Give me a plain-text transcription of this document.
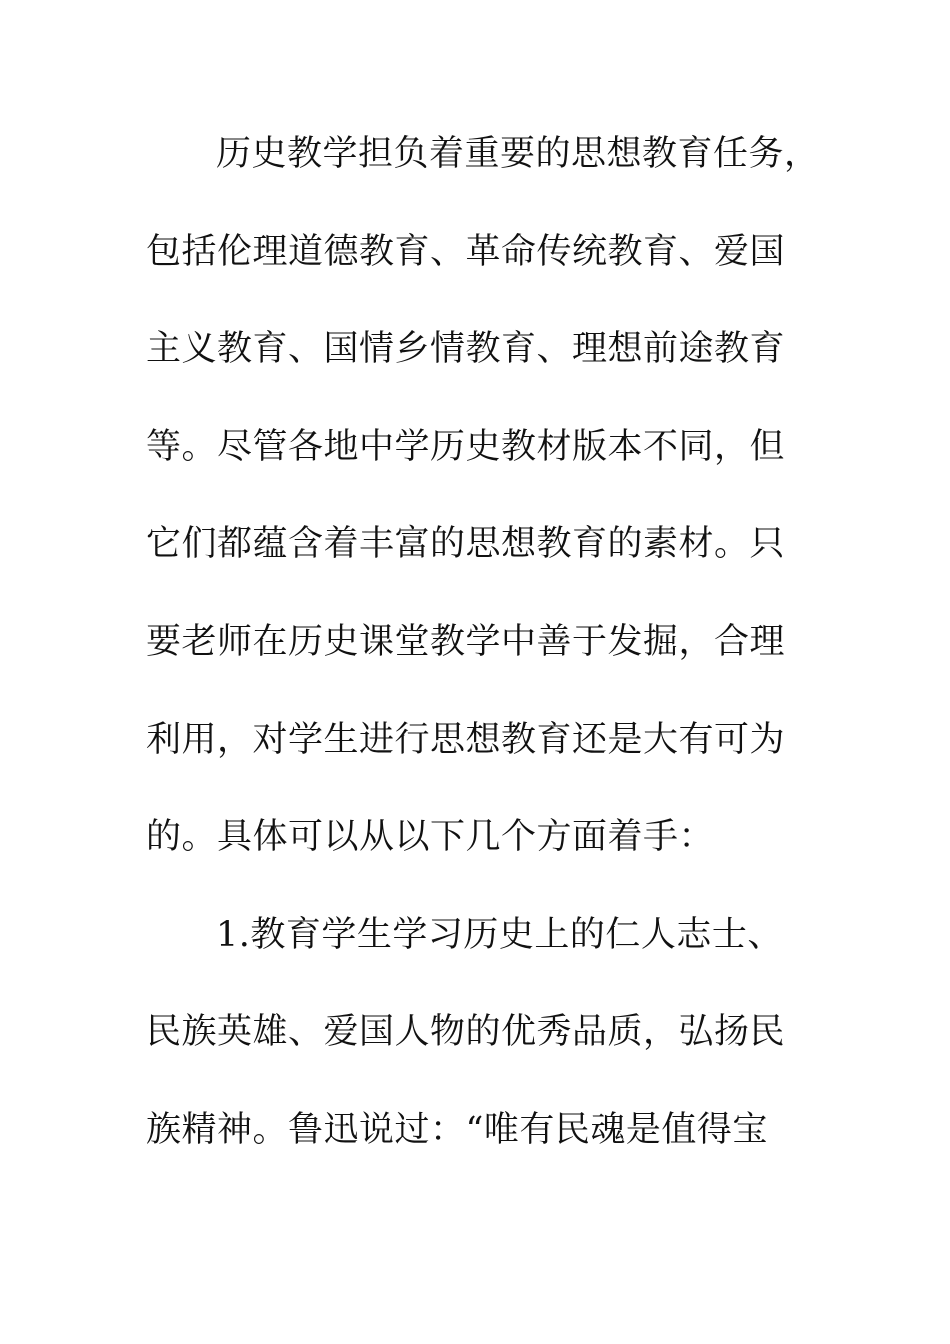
历史教学担负着重要的思想教育任务，
包括伦理道德教育、革命传统教育、爱国
主义教育、国情乡情教育、理想前途教育
等。尽管各地中学历史教材版本不同，但
它们都蕴含着丰富的思想教育的素材。只
要老师在历史课堂教学中善于发掘，合理
利用，对学生进行思想教育还是大有可为
的。具体可以从以下几个方面着手：
1.教育学生学习历史上的仁人志士、
民族英雄、爱国人物的优秀品质，弘扬民
族精神。鲁迅说过：“唯有民魂是值得宝
